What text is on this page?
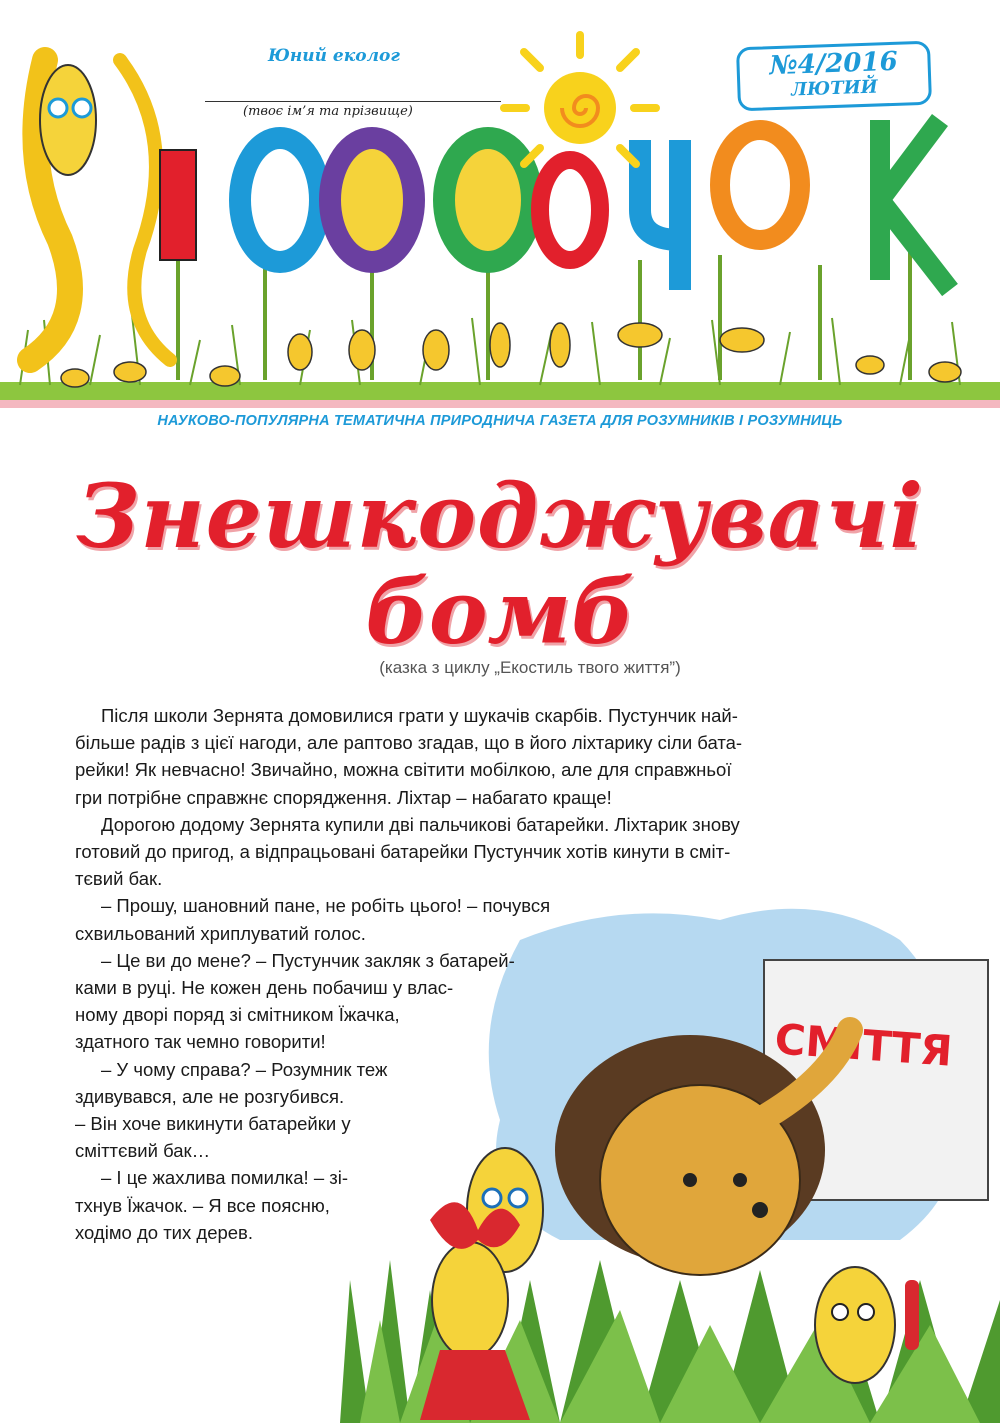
Юний еколог
(твоє ім’я та прізвище)
№4/2016
ЛЮТИЙ
НАУКОВО-ПОПУЛЯРНА ТЕМАТИЧНА ПРИРОДНИЧА ГАЗЕТА ДЛЯ РОЗУМНИКІВ І РОЗУМНИЦЬ
Знешкоджувачі
бомб
(казка з циклу „Екостиль твого життя”)
СМІТТЯ
Після школи Зернята домовилися грати у шукачів скарбів. Пустунчик най-
більше радів з цієї нагоди, але раптово згадав, що в його ліхтарику сіли бата-
рейки! Як невчасно! Звичайно, можна світити мобілкою, але для справжньої
гри потрібне справжнє спорядження. Ліхтар – набагато краще!
Дорогою додому Зернята купили дві пальчикові батарейки. Ліхтарик знову
готовий до пригод, а відпрацьовані батарейки Пустунчик хотів кинути в сміт-
тєвий бак.
– Прошу, шановний пане, не робіть цього! – почувся
схвильований хриплуватий голос.
– Це ви до мене? – Пустунчик закляк з батарей-
ками в руці. Не кожен день побачиш у влас-
ному дворі поряд зі смітником Їжачка,
здатного так чемно говорити!
– У чому справа? – Розумник теж
здивувався, але не розгубився.
– Він хоче викинути батарейки у
сміттєвий бак…
– І це жахлива помилка! – зі-
тхнув Їжачок. – Я все поясню,
ходімо до тих дерев.
